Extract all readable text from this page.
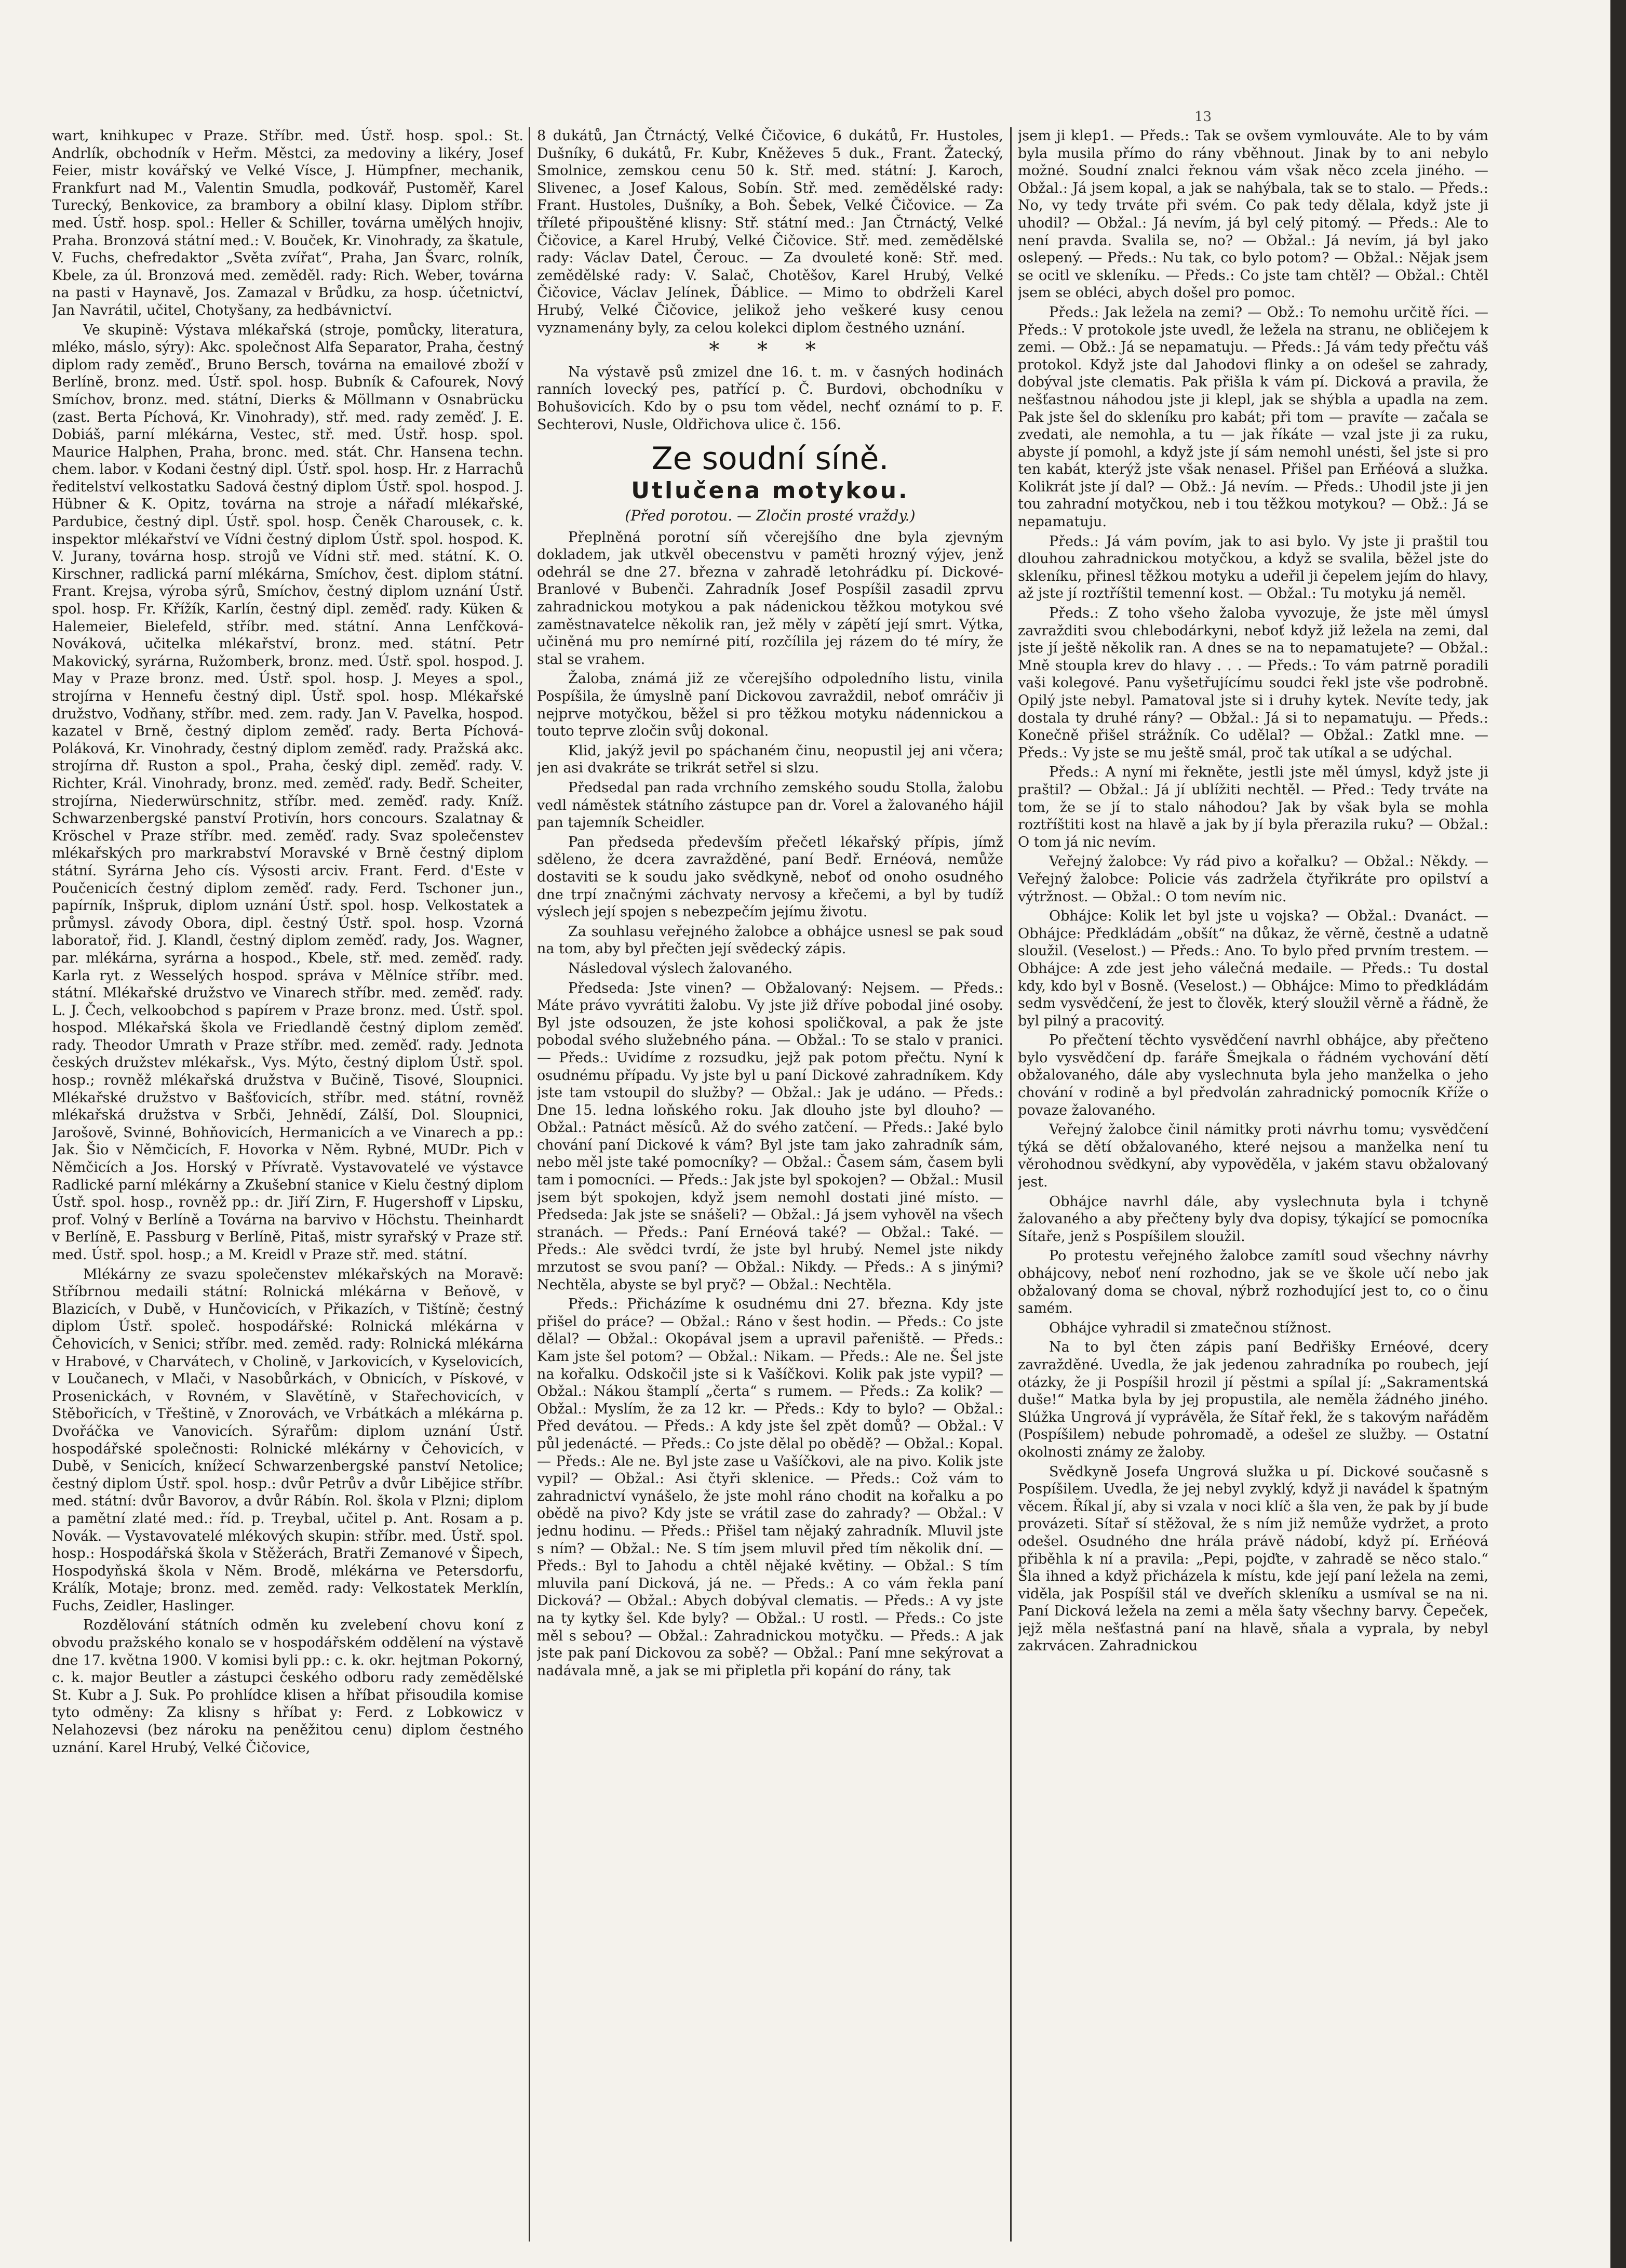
13

wart, knihkupec v Praze. Stříbr. med. Ústř. hosp. spol.: St. Andrlík, obchodník v Heřm. Městci, za medoviny a likéry, Josef Feier, mistr kovářský ve Velké Vísce, J. Hümpfner, mechanik, Frankfurt nad M., Valentin Smudla, podkovář, Pustoměř, Karel Turecký, Benkovice, za brambory a obilní klasy. Diplom stříbr. med. Ústř. hosp. spol.: Heller & Schiller, továrna umělých hnojiv, Praha. Bronzová státní med.: V. Bouček, Kr. Vinohrady, za škatule, V. Fuchs, chefredaktor „Světa zvířat“, Praha, Jan Švarc, rolník, Kbele, za úl. Bronzová med. zeměděl. rady: Rich. Weber, továrna na pasti v Haynavě, Jos. Zamazal v Brůdku, za hosp. účetnictví, Jan Navrátil, učitel, Chotyšany, za hedbávnictví.

Ve skupině: Výstava mlékařská (stroje, pomůcky, literatura, mléko, máslo, sýry): Akc. společnost Alfa Separator, Praha, čestný diplom rady zeměď., Bruno Bersch, továrna na emailové zboží v Berlíně, bronz. med. Ústř. spol. hosp. Bubník & Cafourek, Nový Smíchov, bronz. med. státní, Dierks & Möllmann v Osnabrücku (zast. Berta Píchová, Kr. Vinohrady), stř. med. rady zeměď. J. E. Dobiáš, parní mlékárna, Vestec, stř. med. Ústř. hosp. spol. Maurice Halphen, Praha, bronc. med. stát. Chr. Hansena techn. chem. labor. v Kodani čestný dipl. Ústř. spol. hosp. Hr. z Harrachů ředitelství velkostatku Sadová čestný diplom Ústř. spol. hospod. J. Hübner & K. Opitz, továrna na stroje a nářadí mlékařské, Pardubice, čestný dipl. Ústř. spol. hosp. Čeněk Charousek, c. k. inspektor mlékařství ve Vídni čestný diplom Ústř. spol. hospod. K. V. Jurany, továrna hosp. strojů ve Vídni stř. med. státní. K. O. Kirschner, radlická parní mlékárna, Smíchov, čest. diplom státní. Frant. Krejsa, výroba sýrů, Smíchov, čestný diplom uznání Ústř. spol. hosp. Fr. Křížík, Karlín, čestný dipl. zeměď. rady. Küken & Halemeier, Bielefeld, stříbr. med. státní. Anna Lenfčková-Nováková, učitelka mlékařství, bronz. med. státní. Petr Makovický, syrárna, Ružomberk, bronz. med. Ústř. spol. hospod. J. May v Praze bronz. med. Ústř. spol. hosp. J. Meyes a spol., strojírna v Hennefu čestný dipl. Ústř. spol. hosp. Mlékařské družstvo, Vodňany, stříbr. med. zem. rady. Jan V. Pavelka, hospod. kazatel v Brně, čestný diplom zeměď. rady. Berta Píchová-Poláková, Kr. Vinohrady, čestný diplom zeměď. rady. Pražská akc. strojírna dř. Ruston a spol., Praha, český dipl. zeměď. rady. V. Richter, Král. Vinohrady, bronz. med. zeměď. rady. Bedř. Scheiter, strojírna, Niederwürschnitz, stříbr. med. zeměď. rady. Kníž. Schwarzenbergské panství Protivín, hors concours. Szalatnay & Kröschel v Praze stříbr. med. zeměď. rady. Svaz společenstev mlékařských pro markrabství Moravské v Brně čestný diplom státní. Syrárna Jeho cís. Výsosti arciv. Frant. Ferd. d'Este v Poučenicích čestný diplom zeměď. rady. Ferd. Tschoner jun., papírník, Inšpruk, diplom uznání Ústř. spol. hosp. Velkostatek a průmysl. závody Obora, dipl. čestný Ústř. spol. hosp. Vzorná laboratoř, řid. J. Klandl, čestný diplom zeměď. rady, Jos. Wagner, par. mlékárna, syrárna a hospod., Kbele, stř. med. zeměď. rady. Karla ryt. z Wesselých hospod. správa v Mělníce stříbr. med. státní. Mlékařské družstvo ve Vinarech stříbr. med. zeměď. rady. L. J. Čech, velkoobchod s papírem v Praze bronz. med. Ústř. spol. hospod. Mlékařská škola ve Friedlandě čestný diplom zeměď. rady. Theodor Umrath v Praze stříbr. med. zeměď. rady. Jednota českých družstev mlékařsk., Vys. Mýto, čestný diplom Ústř. spol. hosp.; rovněž mlékařská družstva v Bučině, Tisové, Sloupnici. Mlékařské družstvo v Bašťovicích, stříbr. med. státní, rovněž mlékařská družstva v Srbči, Jehnědí, Zálší, Dol. Sloupnici, Jarošově, Svinné, Bohňovicích, Hermanicích a ve Vinarech a pp.: Jak. Šio v Němčicích, F. Hovorka v Něm. Rybné, MUDr. Pich v Němčicích a Jos. Horský v Přívratě. Vystavovatelé ve výstavce Radlické parní mlékárny a Zkušební stanice v Kielu čestný diplom Ústř. spol. hosp., rovněž pp.: dr. Jiří Zirn, F. Hugershoff v Lipsku, prof. Volný v Berlíně a Továrna na barvivo v Höchstu. Theinhardt v Berlíně, E. Passburg v Berlíně, Pitaš, mistr syrařský v Praze stř. med. Ústř. spol. hosp.; a M. Kreidl v Praze stř. med. státní.

Mlékárny ze svazu společenstev mlékařských na Moravě: Stříbrnou medaili státní: Rolnická mlékárna v Beňově, v Blazicích, v Dubě, v Hunčovicích, v Přikazích, v Tištíně; čestný diplom Ústř. společ. hospodářské: Rolnická mlékárna v Čehovicích, v Senici; stříbr. med. zeměd. rady: Rolnická mlékárna v Hrabové, v Charvátech, v Cholině, v Jarkovicích, v Kyselovicích, v Loučanech, v Mlači, v Nasobůrkách, v Obnicích, v Pískové, v Prosenickách, v Rovném, v Slavětíně, v Stařechovicích, v Stěbořicích, v Třeštině, v Znorovách, ve Vrbátkách a mlékárna p. Dvořáčka ve Vanovicích. Sýrařům: diplom uznání Ústř. hospodářské společnosti: Rolnické mlékárny v Čehovicích, v Dubě, v Senicích, knížecí Schwarzenbergské panství Netolice; čestný diplom Ústř. spol. hosp.: dvůr Petrův a dvůr Libějice stříbr. med. státní: dvůr Bavorov, a dvůr Rábín. Rol. škola v Plzni; diplom a pamětní zlaté med.: říd. p. Treybal, učitel p. Ant. Rosam a p. Novák. — Vystavovatelé mlékových skupin: stříbr. med. Ústř. spol. hosp.: Hospodářská škola v Stěžerách, Bratři Zemanové v Šipech, Hospodyňská škola v Něm. Brodě, mlékárna ve Petersdorfu, Králík, Motaje; bronz. med. zeměd. rady: Velkostatek Merklín, Fuchs, Zeidler, Haslinger.

Rozdělování státních odměn ku zvelebení chovu koní z obvodu pražského konalo se v hospodářském oddělení na výstavě dne 17. května 1900. V komisi byli pp.: c. k. okr. hejtman Pokorný, c. k. major Beutler a zástupci českého odboru rady zemědělské St. Kubr a J. Suk. Po prohlídce klisen a hříbat přisoudila komise tyto odměny: Za klisny s hříbat y: Ferd. z Lobkowicz v Nelahozevsi (bez nároku na peněžitou cenu) diplom čestného uznání. Karel Hrubý, Velké Čičovice,

8 dukátů, Jan Čtrnáctý, Velké Čičovice, 6 dukátů, Fr. Hustoles, Dušníky, 6 dukátů, Fr. Kubr, Kněževes 5 duk., Frant. Žatecký, Smolnice, zemskou cenu 50 k. Stř. med. státní: J. Karoch, Slivenec, a Josef Kalous, Sobín. Stř. med. zemědělské rady: Frant. Hustoles, Dušníky, a Boh. Šebek, Velké Čičovice. — Za tříleté připouštěné klisny: Stř. státní med.: Jan Čtrnáctý, Velké Čičovice, a Karel Hrubý, Velké Čičovice. Stř. med. zemědělské rady: Václav Datel, Čerouc. — Za dvouleté koně: Stř. med. zemědělské rady: V. Salač, Chotěšov, Karel Hrubý, Velké Čičovice, Václav Jelínek, Ďáblice. — Mimo to obdrželi Karel Hrubý, Velké Čičovice, jelikož jeho veškeré kusy cenou vyznamenány byly, za celou kolekci diplom čestného uznání.

* * *

Na výstavě psů zmizel dne 16. t. m. v časných hodinách ranních lovecký pes, patřící p. Č. Burdovi, obchodníku v Bohušovicích. Kdo by o psu tom vědel, nechť oznámí to p. F. Sechterovi, Nusle, Oldřichova ulice č. 156.

Ze soudní síně.
Utlučena motykou.
(Před porotou. — Zločin prosté vraždy.)

Přeplněná porotní síň včerejšího dne byla zjevným dokladem, jak utkvěl obecenstvu v paměti hrozný výjev, jenž odehrál se dne 27. března v zahradě letohrádku pí. Dickové-Branlové v Bubenči. Zahradník Josef Pospíšil zasadil zprvu zahradnickou motykou a pak nádenickou těžkou motykou své zaměstnavatelce několik ran, jež měly v zápětí její smrt. Výtka, učiněná mu pro nemírné pití, rozčílila jej rázem do té míry, že stal se vrahem.

Žaloba, známá již ze včerejšího odpoledního listu, vinila Pospíšila, že úmyslně paní Dickovou zavraždil, neboť omráčiv ji nejprve motyčkou, běžel si pro těžkou motyku nádennickou a touto teprve zločin svůj dokonal.

Klid, jakýž jevil po spáchaném činu, neopustil jej ani včera; jen asi dvakráte se trikrát setřel si slzu.

Předsedal pan rada vrchního zemského soudu Stolla, žalobu vedl náměstek státního zástupce pan dr. Vorel a žalovaného hájil pan tajemník Scheidler.

Pan předseda především přečetl lékařský přípis, jímž sděleno, že dcera zavražděné, paní Bedř. Ernéová, nemůže dostaviti se k soudu jako svědkyně, neboť od onoho osudného dne trpí značnými záchvaty nervosy a křečemi, a byl by tudíž výslech její spojen s nebezpečím jejímu životu.

Za souhlasu veřejného žalobce a obhájce usnesl se pak soud na tom, aby byl přečten její svědecký zápis.

Následoval výslech žalovaného.

Předseda: Jste vinen? — Obžalovaný: Nejsem. — Předs.: Máte právo vyvrátiti žalobu. Vy jste již dříve pobodal jiné osoby. Byl jste odsouzen, že jste kohosi spoličkoval, a pak že jste pobodal svého služebného pána. — Obžal.: To se stalo v pranici. — Předs.: Uvidíme z rozsudku, jejž pak potom přečtu. Nyní k osudnému případu. Vy jste byl u paní Dickové zahradníkem. Kdy jste tam vstoupil do služby? — Obžal.: Jak je udáno. — Předs.: Dne 15. ledna loňského roku. Jak dlouho jste byl dlouho? — Obžal.: Patnáct měsíců. Až do svého zatčení. — Předs.: Jaké bylo chování paní Dickové k vám? Byl jste tam jako zahradník sám, nebo měl jste také pomocníky? — Obžal.: Časem sám, časem byli tam i pomocníci. — Předs.: Jak jste byl spokojen? — Obžal.: Musil jsem být spokojen, když jsem nemohl dostati jiné místo. — Předseda: Jak jste se snášeli? — Obžal.: Já jsem vyhověl na všech stranách. — Předs.: Paní Ernéová také? — Obžal.: Také. — Předs.: Ale svědci tvrdí, že jste byl hrubý. Nemel jste nikdy mrzutost se svou paní? — Obžal.: Nikdy. — Předs.: A s jinými? Nechtěla, abyste se byl pryč? — Obžal.: Nechtěla.

Předs.: Přicházíme k osudnému dni 27. března. Kdy jste přišel do práce? — Obžal.: Ráno v šest hodin. — Předs.: Co jste dělal? — Obžal.: Okopával jsem a upravil pařeniště. — Předs.: Kam jste šel potom? — Obžal.: Nikam. — Předs.: Ale ne. Šel jste na kořalku. Odskočil jste si k Vašíčkovi. Kolik pak jste vypil? — Obžal.: Nákou štamplí „čerta“ s rumem. — Předs.: Za kolik? — Obžal.: Myslím, že za 12 kr. — Předs.: Kdy to bylo? — Obžal.: Před devátou. — Předs.: A kdy jste šel zpět domů? — Obžal.: V půl jedenácté. — Předs.: Co jste dělal po obědě? — Obžal.: Kopal. — Předs.: Ale ne. Byl jste zase u Vašíčkovi, ale na pivo. Kolik jste vypil? — Obžal.: Asi čtyři sklenice. — Předs.: Což vám to zahradnictví vynášelo, že jste mohl ráno chodit na kořalku a po obědě na pivo? Kdy jste se vrátil zase do zahrady? — Obžal.: V jednu hodinu. — Předs.: Přišel tam nějaký zahradník. Mluvil jste s ním? — Obžal.: Ne. S tím jsem mluvil před tím několik dní. — Předs.: Byl to Jahodu a chtěl nějaké květiny. — Obžal.: S tím mluvila paní Dicková, já ne. — Předs.: A co vám řekla paní Dicková? — Obžal.: Abych dobýval clematis. — Předs.: A vy jste na ty kytky šel. Kde byly? — Obžal.: U rostl. — Předs.: Co jste měl s sebou? — Obžal.: Zahradnickou motyčku. — Předs.: A jak jste pak paní Dickovou za sobě? — Obžal.: Paní mne sekýrovat a nadávala mně, a jak se mi připletla při kopání do rány, tak

jsem ji klep1. — Předs.: Tak se ovšem vymlouváte. Ale to by vám byla musila přímo do rány vběhnout. Jinak by to ani nebylo možné. Soudní znalci řeknou vám však něco zcela jiného. — Obžal.: Já jsem kopal, a jak se nahýbala, tak se to stalo. — Předs.: No, vy tedy trváte při svém. Co pak tedy dělala, když jste ji uhodil? — Obžal.: Já nevím, já byl celý pitomý. — Předs.: Ale to není pravda. Svalila se, no? — Obžal.: Já nevím, já byl jako oslepený. — Předs.: Nu tak, co bylo potom? — Obžal.: Nějak jsem se ocitl ve skleníku. — Předs.: Co jste tam chtěl? — Obžal.: Chtěl jsem se obléci, abych došel pro pomoc.

Předs.: Jak ležela na zemi? — Obž.: To nemohu určitě říci. — Předs.: V protokole jste uvedl, že ležela na stranu, ne obličejem k zemi. — Obž.: Já se nepamatuju. — Předs.: Já vám tedy přečtu váš protokol. Když jste dal Jahodovi flinky a on odešel se zahrady, dobýval jste clematis. Pak přišla k vám pí. Dicková a pravila, že nešťastnou náhodou jste ji klepl, jak se shýbla a upadla na zem. Pak jste šel do skleníku pro kabát; při tom — pravíte — začala se zvedati, ale nemohla, a tu — jak říkáte — vzal jste ji za ruku, abyste jí pomohl, a když jste jí sám nemohl unésti, šel jste si pro ten kabát, kterýž jste však nenasel. Přišel pan Erňéová a služka. Kolikrát jste jí dal? — Obž.: Já nevím. — Předs.: Uhodil jste ji jen tou zahradní motyčkou, neb i tou těžkou motykou? — Obž.: Já se nepamatuju.

Předs.: Já vám povím, jak to asi bylo. Vy jste ji praštil tou dlouhou zahradnickou motyčkou, a když se svalila, běžel jste do skleníku, přinesl těžkou motyku a udeřil ji čepelem jejím do hlavy, až jste jí roztříštil temenní kost. — Obžal.: Tu motyku já neměl.

Předs.: Z toho všeho žaloba vyvozuje, že jste měl úmysl zavražditi svou chlebodárkyni, neboť když již ležela na zemi, dal jste jí ještě několik ran. A dnes se na to nepamatujete? — Obžal.: Mně stoupla krev do hlavy . . . — Předs.: To vám patrně poradili vaši kolegové. Panu vyšetřujícímu soudci řekl jste vše podrobně. Opilý jste nebyl. Pamatoval jste si i druhy kytek. Nevíte tedy, jak dostala ty druhé rány? — Obžal.: Já si to nepamatuju. — Předs.: Konečně přišel strážník. Co udělal? — Obžal.: Zatkl mne. — Předs.: Vy jste se mu ještě smál, proč tak utíkal a se udýchal.

Předs.: A nyní mi řekněte, jestli jste měl úmysl, když jste ji praštil? — Obžal.: Já jí ublížiti nechtěl. — Před.: Tedy trváte na tom, že se jí to stalo náhodou? Jak by však byla se mohla roztříštiti kost na hlavě a jak by jí byla přerazila ruku? — Obžal.: O tom já nic nevím.

Veřejný žalobce: Vy rád pivo a kořalku? — Obžal.: Někdy. — Veřejný žalobce: Policie vás zadržela čtyřikráte pro opilství a výtržnost. — Obžal.: O tom nevím nic.

Obhájce: Kolik let byl jste u vojska? — Obžal.: Dvanáct. — Obhájce: Předkládám „obšít“ na důkaz, že věrně, čestně a udatně sloužil. (Veselost.) — Předs.: Ano. To bylo před prvním trestem. — Obhájce: A zde jest jeho válečná medaile. — Předs.: Tu dostal kdy, kdo byl v Bosně. (Veselost.) — Obhájce: Mimo to předkládám sedm vysvědčení, že jest to člověk, který sloužil věrně a řádně, že byl pilný a pracovitý.

Po přečtení těchto vysvědčení navrhl obhájce, aby přečteno bylo vysvědčení dp. faráře Šmejkala o řádném vychování dětí obžalovaného, dále aby vyslechnuta byla jeho manželka o jeho chování v rodině a byl předvolán zahradnický pomocník Kříže o povaze žalovaného.

Veřejný žalobce činil námitky proti návrhu tomu; vysvědčení týká se dětí obžalovaného, které nejsou a manželka není tu věrohodnou svědkyní, aby vypověděla, v jakém stavu obžalovaný jest.

Obhájce navrhl dále, aby vyslechnuta byla i tchyně žalovaného a aby přečteny byly dva dopisy, týkající se pomocníka Sítaře, jenž s Pospíšilem sloužil.

Po protestu veřejného žalobce zamítl soud všechny návrhy obhájcovy, neboť není rozhodno, jak se ve škole učí nebo jak obžalovaný doma se choval, nýbrž rozhodující jest to, co o činu samém.

Obhájce vyhradil si zmatečnou stížnost.

Na to byl čten zápis paní Bedřišky Ernéové, dcery zavražděné. Uvedla, že jak jedenou zahradníka po roubech, její otázky, že ji Pospíšil hrozil jí pěstmi a spílal jí: „Sakramentská duše!“ Matka byla by jej propustila, ale neměla žádného jiného. Slúžka Ungrová jí vyprávěla, že Sítař řekl, že s takovým nařáděm (Pospíšilem) nebude pohromadě, a odešel ze služby. — Ostatní okolnosti známy ze žaloby.

Svědkyně Josefa Ungrová služka u pí. Dickové současně s Pospíšilem. Uvedla, že jej nebyl zvyklý, když ji navádel k špatným věcem. Říkal jí, aby si vzala v noci klíč a šla ven, že pak by jí bude provázeti. Sítař sí stěžoval, že s ním již nemůže vydržet, a proto odešel. Osudného dne hrála právě nádobí, když pí. Erňéová přiběhla k ní a pravila: „Pepi, pojďte, v zahradě se něco stalo.“ Šla ihned a když přicházela k místu, kde její paní ležela na zemi, viděla, jak Pospíšil stál ve dveřích skleníku a usmíval se na ni. Paní Dicková ležela na zemi a měla šaty všechny barvy. Čepeček, jejž měla nešťastná paní na hlavě, sňala a vyprala, by nebyl zakrvácen. Zahradnickou
